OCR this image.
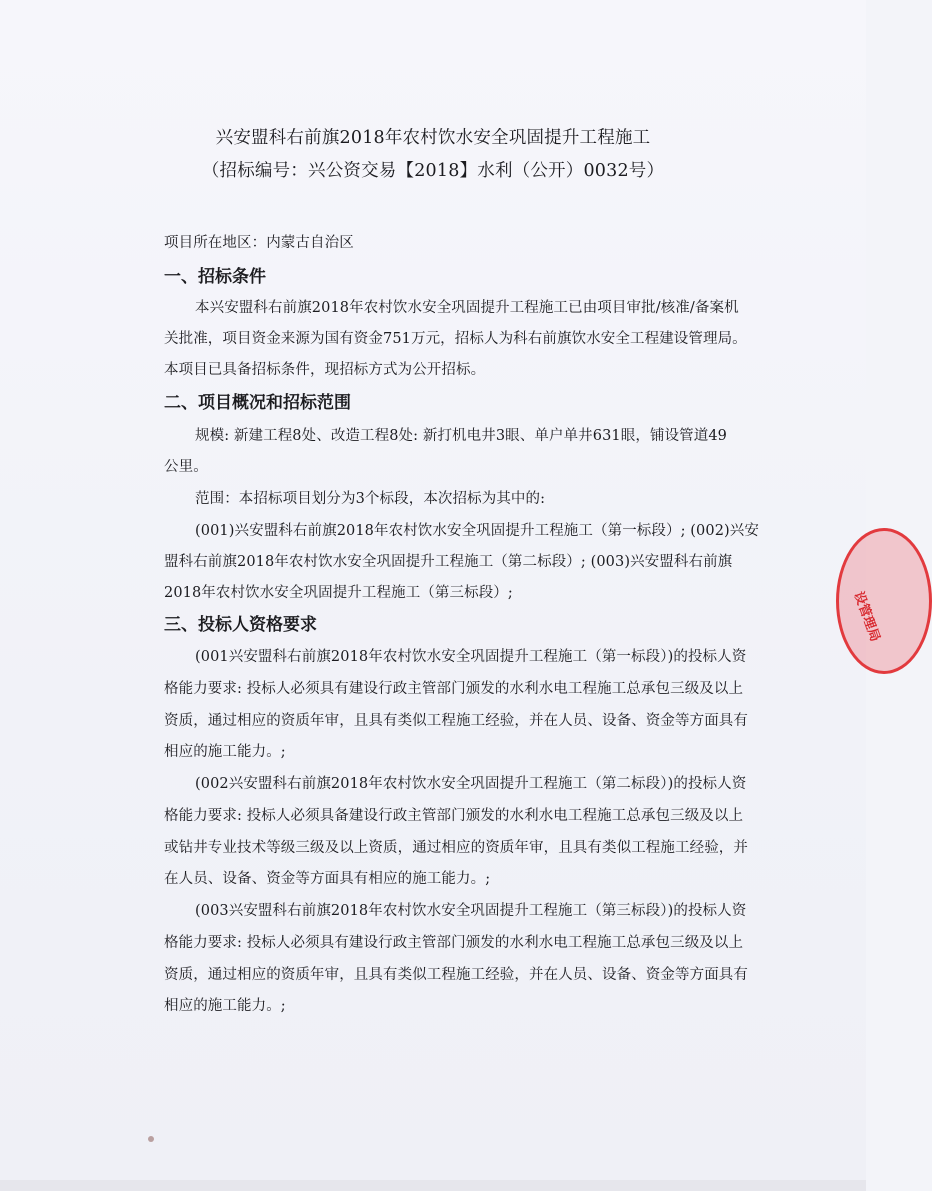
兴安盟科右前旗2018年农村饮水安全巩固提升工程施工
（招标编号：兴公资交易【2018】水利（公开）0032号）
项目所在地区：内蒙古自治区
一、招标条件
本兴安盟科右前旗2018年农村饮水安全巩固提升工程施工已由项目审批/核准/备案机
关批准，项目资金来源为国有资金751万元，招标人为科右前旗饮水安全工程建设管理局。
本项目已具备招标条件，现招标方式为公开招标。
二、项目概况和招标范围
规模: 新建工程8处、改造工程8处: 新打机电井3眼、单户单井631眼，铺设管道49
公里。
范围：本招标项目划分为3个标段，本次招标为其中的:
(001)兴安盟科右前旗2018年农村饮水安全巩固提升工程施工（第一标段）; (002)兴安
盟科右前旗2018年农村饮水安全巩固提升工程施工（第二标段）; (003)兴安盟科右前旗
2018年农村饮水安全巩固提升工程施工（第三标段）;
三、投标人资格要求
(001兴安盟科右前旗2018年农村饮水安全巩固提升工程施工（第一标段）)的投标人资
格能力要求: 投标人必须具有建设行政主管部门颁发的水利水电工程施工总承包三级及以上
资质，通过相应的资质年审，且具有类似工程施工经验，并在人员、设备、资金等方面具有
相应的施工能力。;
(002兴安盟科右前旗2018年农村饮水安全巩固提升工程施工（第二标段）)的投标人资
格能力要求: 投标人必须具备建设行政主管部门颁发的水利水电工程施工总承包三级及以上
或钻井专业技术等级三级及以上资质，通过相应的资质年审，且具有类似工程施工经验，并
在人员、设备、资金等方面具有相应的施工能力。;
(003兴安盟科右前旗2018年农村饮水安全巩固提升工程施工（第三标段）)的投标人资
格能力要求: 投标人必须具有建设行政主管部门颁发的水利水电工程施工总承包三级及以上
资质，通过相应的资质年审，且具有类似工程施工经验，并在人员、设备、资金等方面具有
相应的施工能力。;
设管理局
